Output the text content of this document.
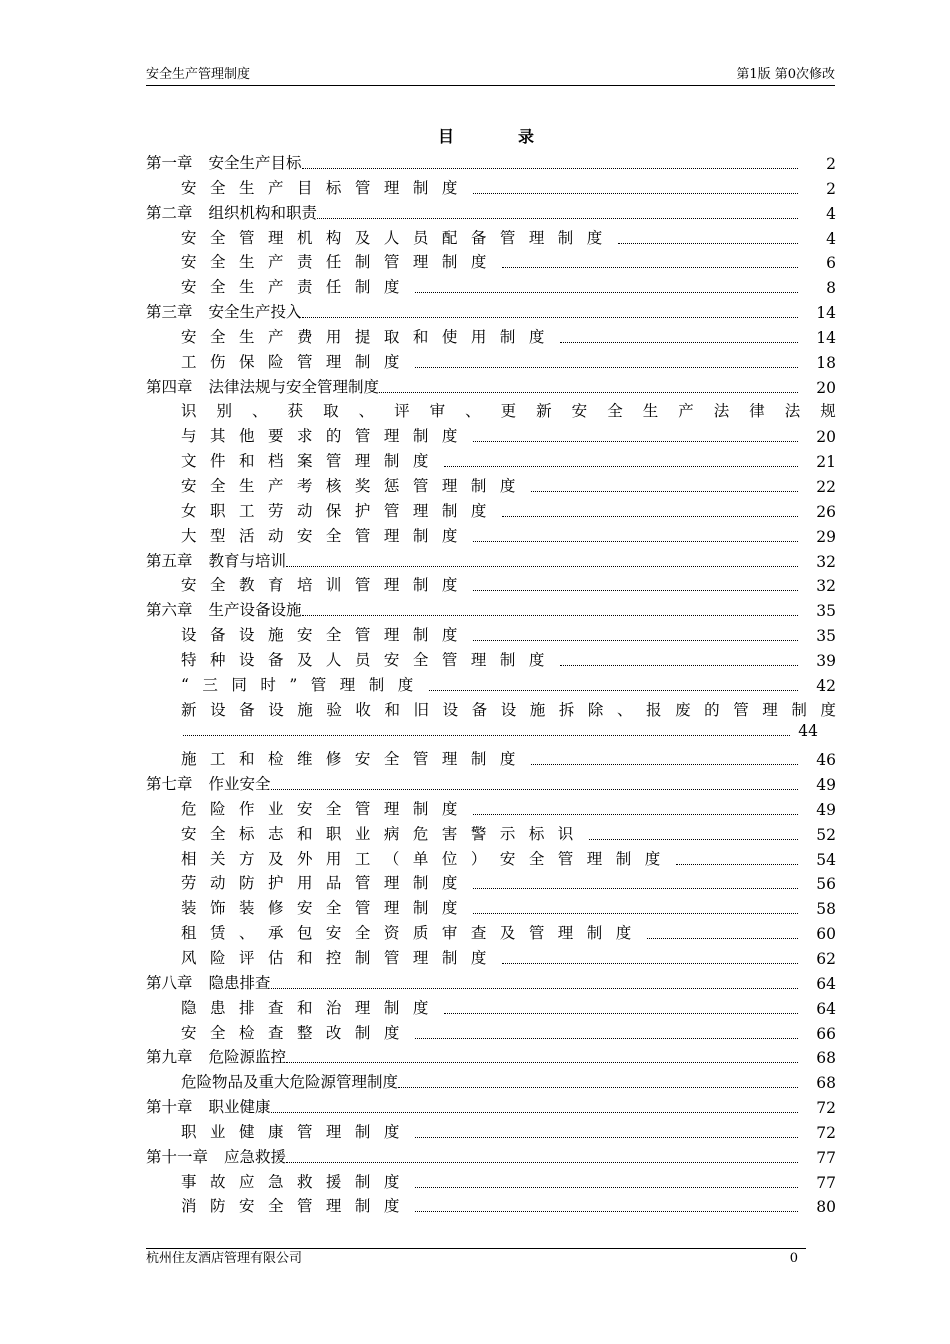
安全生产管理制度	第1版 第0次修改
目录
第一章 安全生产目标	2
安全生产目标管理制度	2
第二章 组织机构和职责	4
安全管理机构及人员配备管理制度	4
安全生产责任制管理制度	6
安全生产责任制度	8
第三章 安全生产投入	14
安全生产费用提取和使用制度	14
工伤保险管理制度	18
第四章 法律法规与安全管理制度	20
识 别 、 获 取 、 评 审 、 更 新 安 全 生 产 法 律 法 规
与其他要求的管理制度	20
文件和档案管理制度	21
安全生产考核奖惩管理制度	22
女职工劳动保护管理制度	26
大型活动安全管理制度	29
第五章 教育与培训	32
安全教育培训管理制度	32
第六章 生产设备设施	35
设备设施安全管理制度	35
特种设备及人员安全管理制度	39
“三同时”管理制度	42
新 设 备 设 施 验 收 和 旧 设 备 设 施 拆 除 、 报 废 的 管 理 制 度
44
施工和检维修安全管理制度	46
第七章 作业安全	49
危险作业安全管理制度	49
安全标志和职业病危害警示标识	52
相关方及外用工（单位）安全管理制度	54
劳动防护用品管理制度	56
装饰装修安全管理制度	58
租赁、承包安全资质审查及管理制度	60
风险评估和控制管理制度	62
第八章 隐患排查	64
隐患排查和治理制度	64
安全检查整改制度	66
第九章 危险源监控	68
危险物品及重大危险源管理制度	68
第十章 职业健康	72
职业健康管理制度	72
第十一章 应急救援	77
事故应急救援制度	77
消防安全管理制度	80
杭州住友酒店管理有限公司	0
